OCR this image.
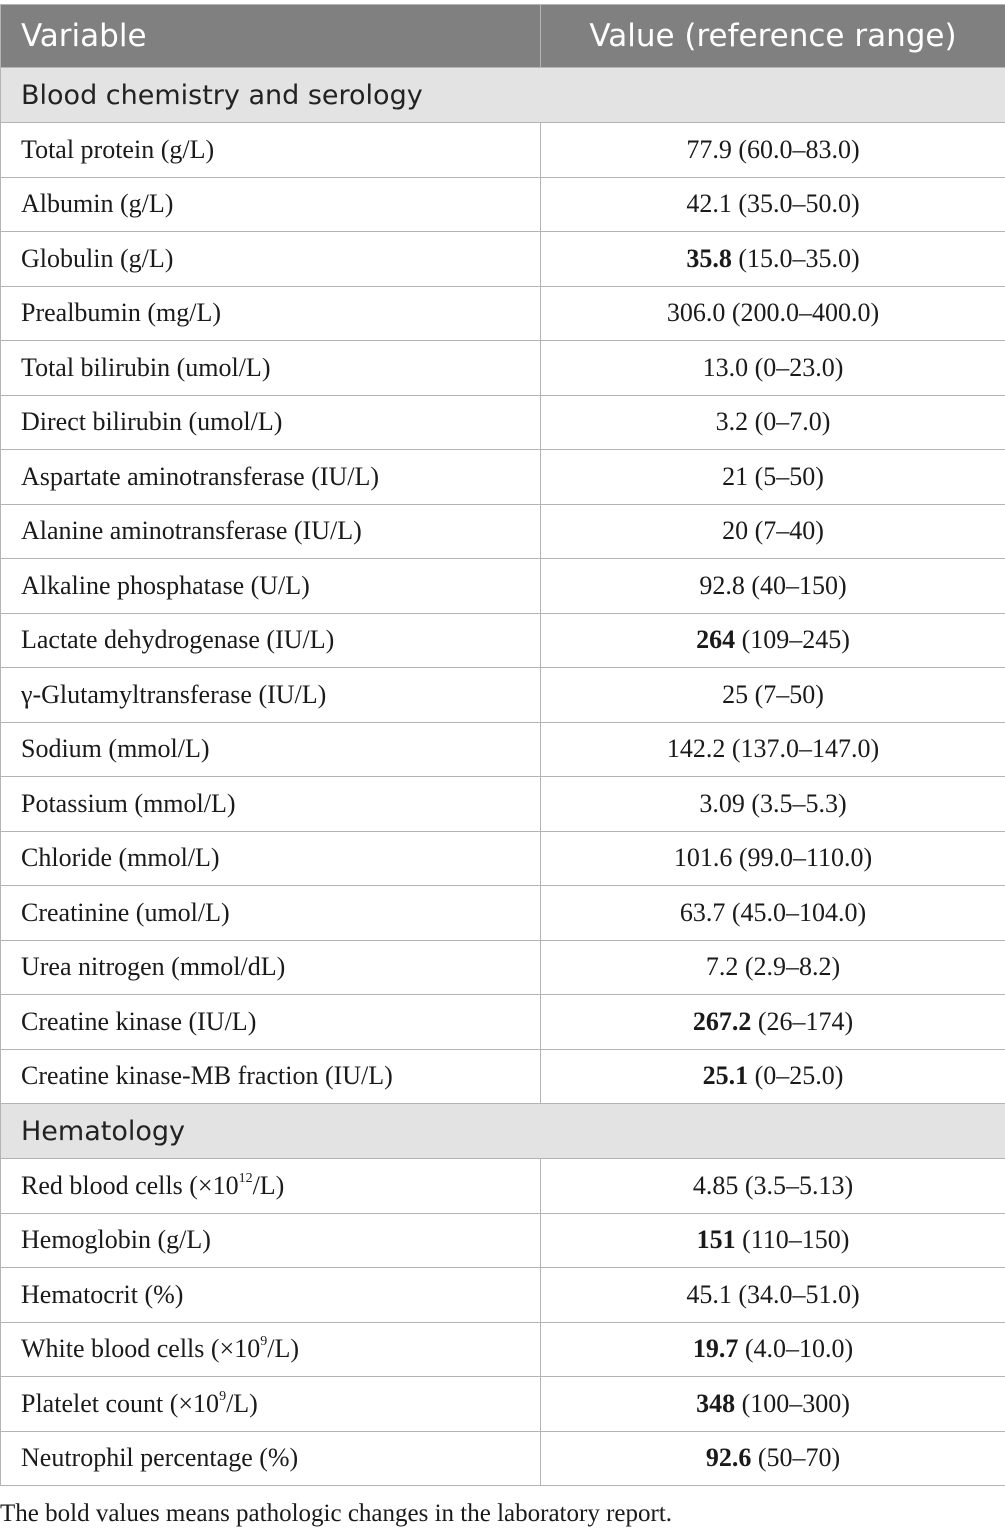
Variable	Value (reference range)
Blood chemistry and serology	
Total protein (g/L)	77.9 (60.0–83.0)
Albumin (g/L)	42.1 (35.0–50.0)
Globulin (g/L)	35.8 (15.0–35.0)
Prealbumin (mg/L)	306.0 (200.0–400.0)
Total bilirubin (umol/L)	13.0 (0–23.0)
Direct bilirubin (umol/L)	3.2 (0–7.0)
Aspartate aminotransferase (IU/L)	21 (5–50)
Alanine aminotransferase (IU/L)	20 (7–40)
Alkaline phosphatase (U/L)	92.8 (40–150)
Lactate dehydrogenase (IU/L)	264 (109–245)
γ-Glutamyltransferase (IU/L)	25 (7–50)
Sodium (mmol/L)	142.2 (137.0–147.0)
Potassium (mmol/L)	3.09 (3.5–5.3)
Chloride (mmol/L)	101.6 (99.0–110.0)
Creatinine (umol/L)	63.7 (45.0–104.0)
Urea nitrogen (mmol/dL)	7.2 (2.9–8.2)
Creatine kinase (IU/L)	267.2 (26–174)
Creatine kinase-MB fraction (IU/L)	25.1 (0–25.0)
Hematology	
Red blood cells $(\times 10^{12}/L)$	4.85 (3.5–5.13)
Hemoglobin (g/L)	151 (110–150)
Hematocrit (%)	45.1 (34.0–51.0)
White blood cells $(\times 10^9/L)$	19.7 (4.0–10.0)
Platelet count $(\times 10^9/L)$	348 (100–300)
Neutrophil percentage (%)	92.6 (50–70)
The bold values means pathologic changes in the laboratory report.
